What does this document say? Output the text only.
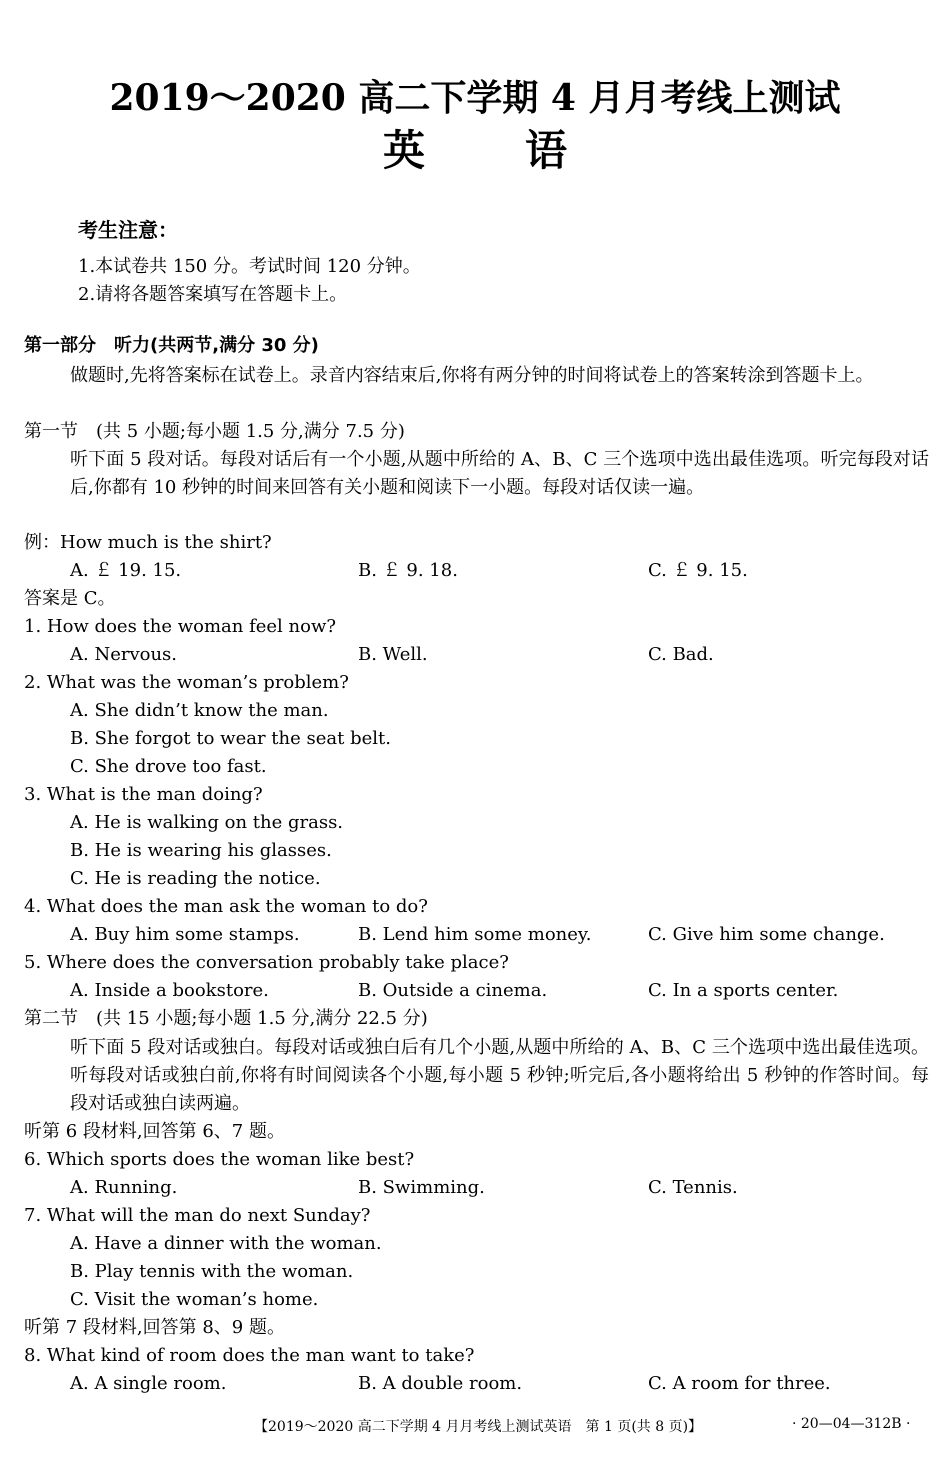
2019～2020 高二下学期 4 月月考线上测试
英语
考生注意：
1.本试卷共 150 分。考试时间 120 分钟。
2.请将各题答案填写在答题卡上。
第一部分　听力(共两节,满分 30 分)
做题时,先将答案标在试卷上。录音内容结束后,你将有两分钟的时间将试卷上的答案转涂到答题卡上。
第一节　(共 5 小题;每小题 1.5 分,满分 7.5 分)
听下面 5 段对话。每段对话后有一个小题,从题中所给的 A、B、C 三个选项中选出最佳选项。听完每段对话后,你都有 10 秒钟的时间来回答有关小题和阅读下一小题。每段对话仅读一遍。
例：How much is the shirt?
A. ￡ 19. 15.	B. ￡ 9. 18.	C. ￡ 9. 15.
答案是 C。
1. How does the woman feel now?
A. Nervous.	B. Well.	C. Bad.
2. What was the woman’s problem?
A. She didn’t know the man.
B. She forgot to wear the seat belt.
C. She drove too fast.
3. What is the man doing?
A. He is walking on the grass.
B. He is wearing his glasses.
C. He is reading the notice.
4. What does the man ask the woman to do?
A. Buy him some stamps.	B. Lend him some money.	C. Give him some change.
5. Where does the conversation probably take place?
A. Inside a bookstore.	B. Outside a cinema.	C. In a sports center.
第二节　(共 15 小题;每小题 1.5 分,满分 22.5 分)
听下面 5 段对话或独白。每段对话或独白后有几个小题,从题中所给的 A、B、C 三个选项中选出最佳选项。听每段对话或独白前,你将有时间阅读各个小题,每小题 5 秒钟;听完后,各小题将给出 5 秒钟的作答时间。每段对话或独白读两遍。
听第 6 段材料,回答第 6、7 题。
6. Which sports does the woman like best?
A. Running.	B. Swimming.	C. Tennis.
7. What will the man do next Sunday?
A. Have a dinner with the woman.
B. Play tennis with the woman.
C. Visit the woman’s home.
听第 7 段材料,回答第 8、9 题。
8. What kind of room does the man want to take?
A. A single room.	B. A double room.	C. A room for three.
【2019～2020 高二下学期 4 月月考线上测试英语　第 1 页(共 8 页)】	· 20—04—312B ·
